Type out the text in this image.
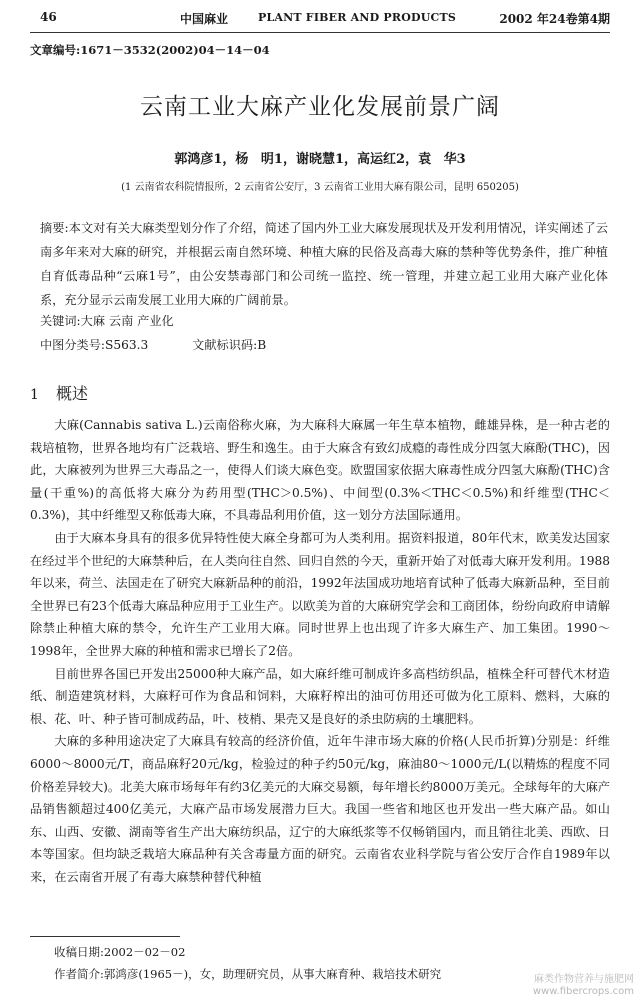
46	中国麻业	PLANT FIBER AND PRODUCTS	2002 年24卷第4期
文章编号:1671－3532(2002)04－14－04
云南工业大麻产业化发展前景广阔
郭鸿彦1，杨 明1，谢晓慧1，高运红2，袁 华3
(1 云南省农科院情报所，2 云南省公安厅，3 云南省工业用大麻有限公司，昆明 650205)
摘要:本文对有关大麻类型划分作了介绍，简述了国内外工业大麻发展现状及开发利用情况，详实阐述了云南多年来对大麻的研究，并根据云南自然环境、种植大麻的民俗及高毒大麻的禁种等优势条件，推广种植自育低毒品种“云麻1号”，由公安禁毒部门和公司统一监控、统一管理，并建立起工业用大麻产业化体系，充分显示云南发展工业用大麻的广阔前景。
关键词:大麻 云南 产业化
中图分类号:S563.3	文献标识码:B
1 概述

大麻(Cannabis sativa L.)云南俗称火麻，为大麻科大麻属一年生草本植物，雌雄异株，是一种古老的栽培植物，世界各地均有广泛栽培、野生和逸生。由于大麻含有致幻成瘾的毒性成分四氢大麻酚(THC)，因此，大麻被列为世界三大毒品之一，使得人们谈大麻色变。欧盟国家依据大麻毒性成分四氢大麻酚(THC)含量(干重%)的高低将大麻分为药用型(THC＞0.5%)、中间型(0.3%＜THC＜0.5%)和纤维型(THC＜0.3%)，其中纤维型又称低毒大麻，不具毒品利用价值，这一划分方法国际通用。

由于大麻本身具有的很多优异特性使大麻全身都可为人类利用。据资料报道，80年代末，欧美发达国家在经过半个世纪的大麻禁种后，在人类向往自然、回归自然的今天，重新开始了对低毒大麻开发利用。1988年以来，荷兰、法国走在了研究大麻新品种的前沿，1992年法国成功地培育试种了低毒大麻新品种，至目前全世界已有23个低毒大麻品种应用于工业生产。以欧美为首的大麻研究学会和工商团体，纷纷向政府申请解除禁止种植大麻的禁令，允许生产工业用大麻。同时世界上也出现了许多大麻生产、加工集团。1990～1998年，全世界大麻的种植和需求已增长了2倍。

目前世界各国已开发出25000种大麻产品，如大麻纤维可制成许多高档纺织品，植株全秆可替代木材造纸、制造建筑材料，大麻籽可作为食品和饲料，大麻籽榨出的油可仿用还可做为化工原料、燃料，大麻的根、花、叶、种子皆可制成药品，叶、枝梢、果壳又是良好的杀虫防病的土壤肥料。

大麻的多种用途决定了大麻具有较高的经济价值，近年牛津市场大麻的价格(人民币折算)分别是：纤维6000～8000元/T，商品麻籽20元/kg，检验过的种子约50元/kg，麻油80～1000元/L(以精炼的程度不同价格差异较大)。北美大麻市场每年有约3亿美元的大麻交易额，每年增长约8000万美元。全球每年的大麻产品销售额超过400亿美元，大麻产品市场发展潜力巨大。我国一些省和地区也开发出一些大麻产品。如山东、山西、安徽、湖南等省生产出大麻纺织品，辽宁的大麻纸浆等不仅畅销国内，而且销往北美、西欧、日本等国家。但均缺乏栽培大麻品种有关含毒量方面的研究。云南省农业科学院与省公安厅合作自1989年以来，在云南省开展了有毒大麻禁种替代种植

收稿日期:2002－02－02
作者简介:郭鸿彦(1965－)，女，助理研究员，从事大麻育种、栽培技术研究	麻类作物营养与施肥网
www.fibercrops.com
